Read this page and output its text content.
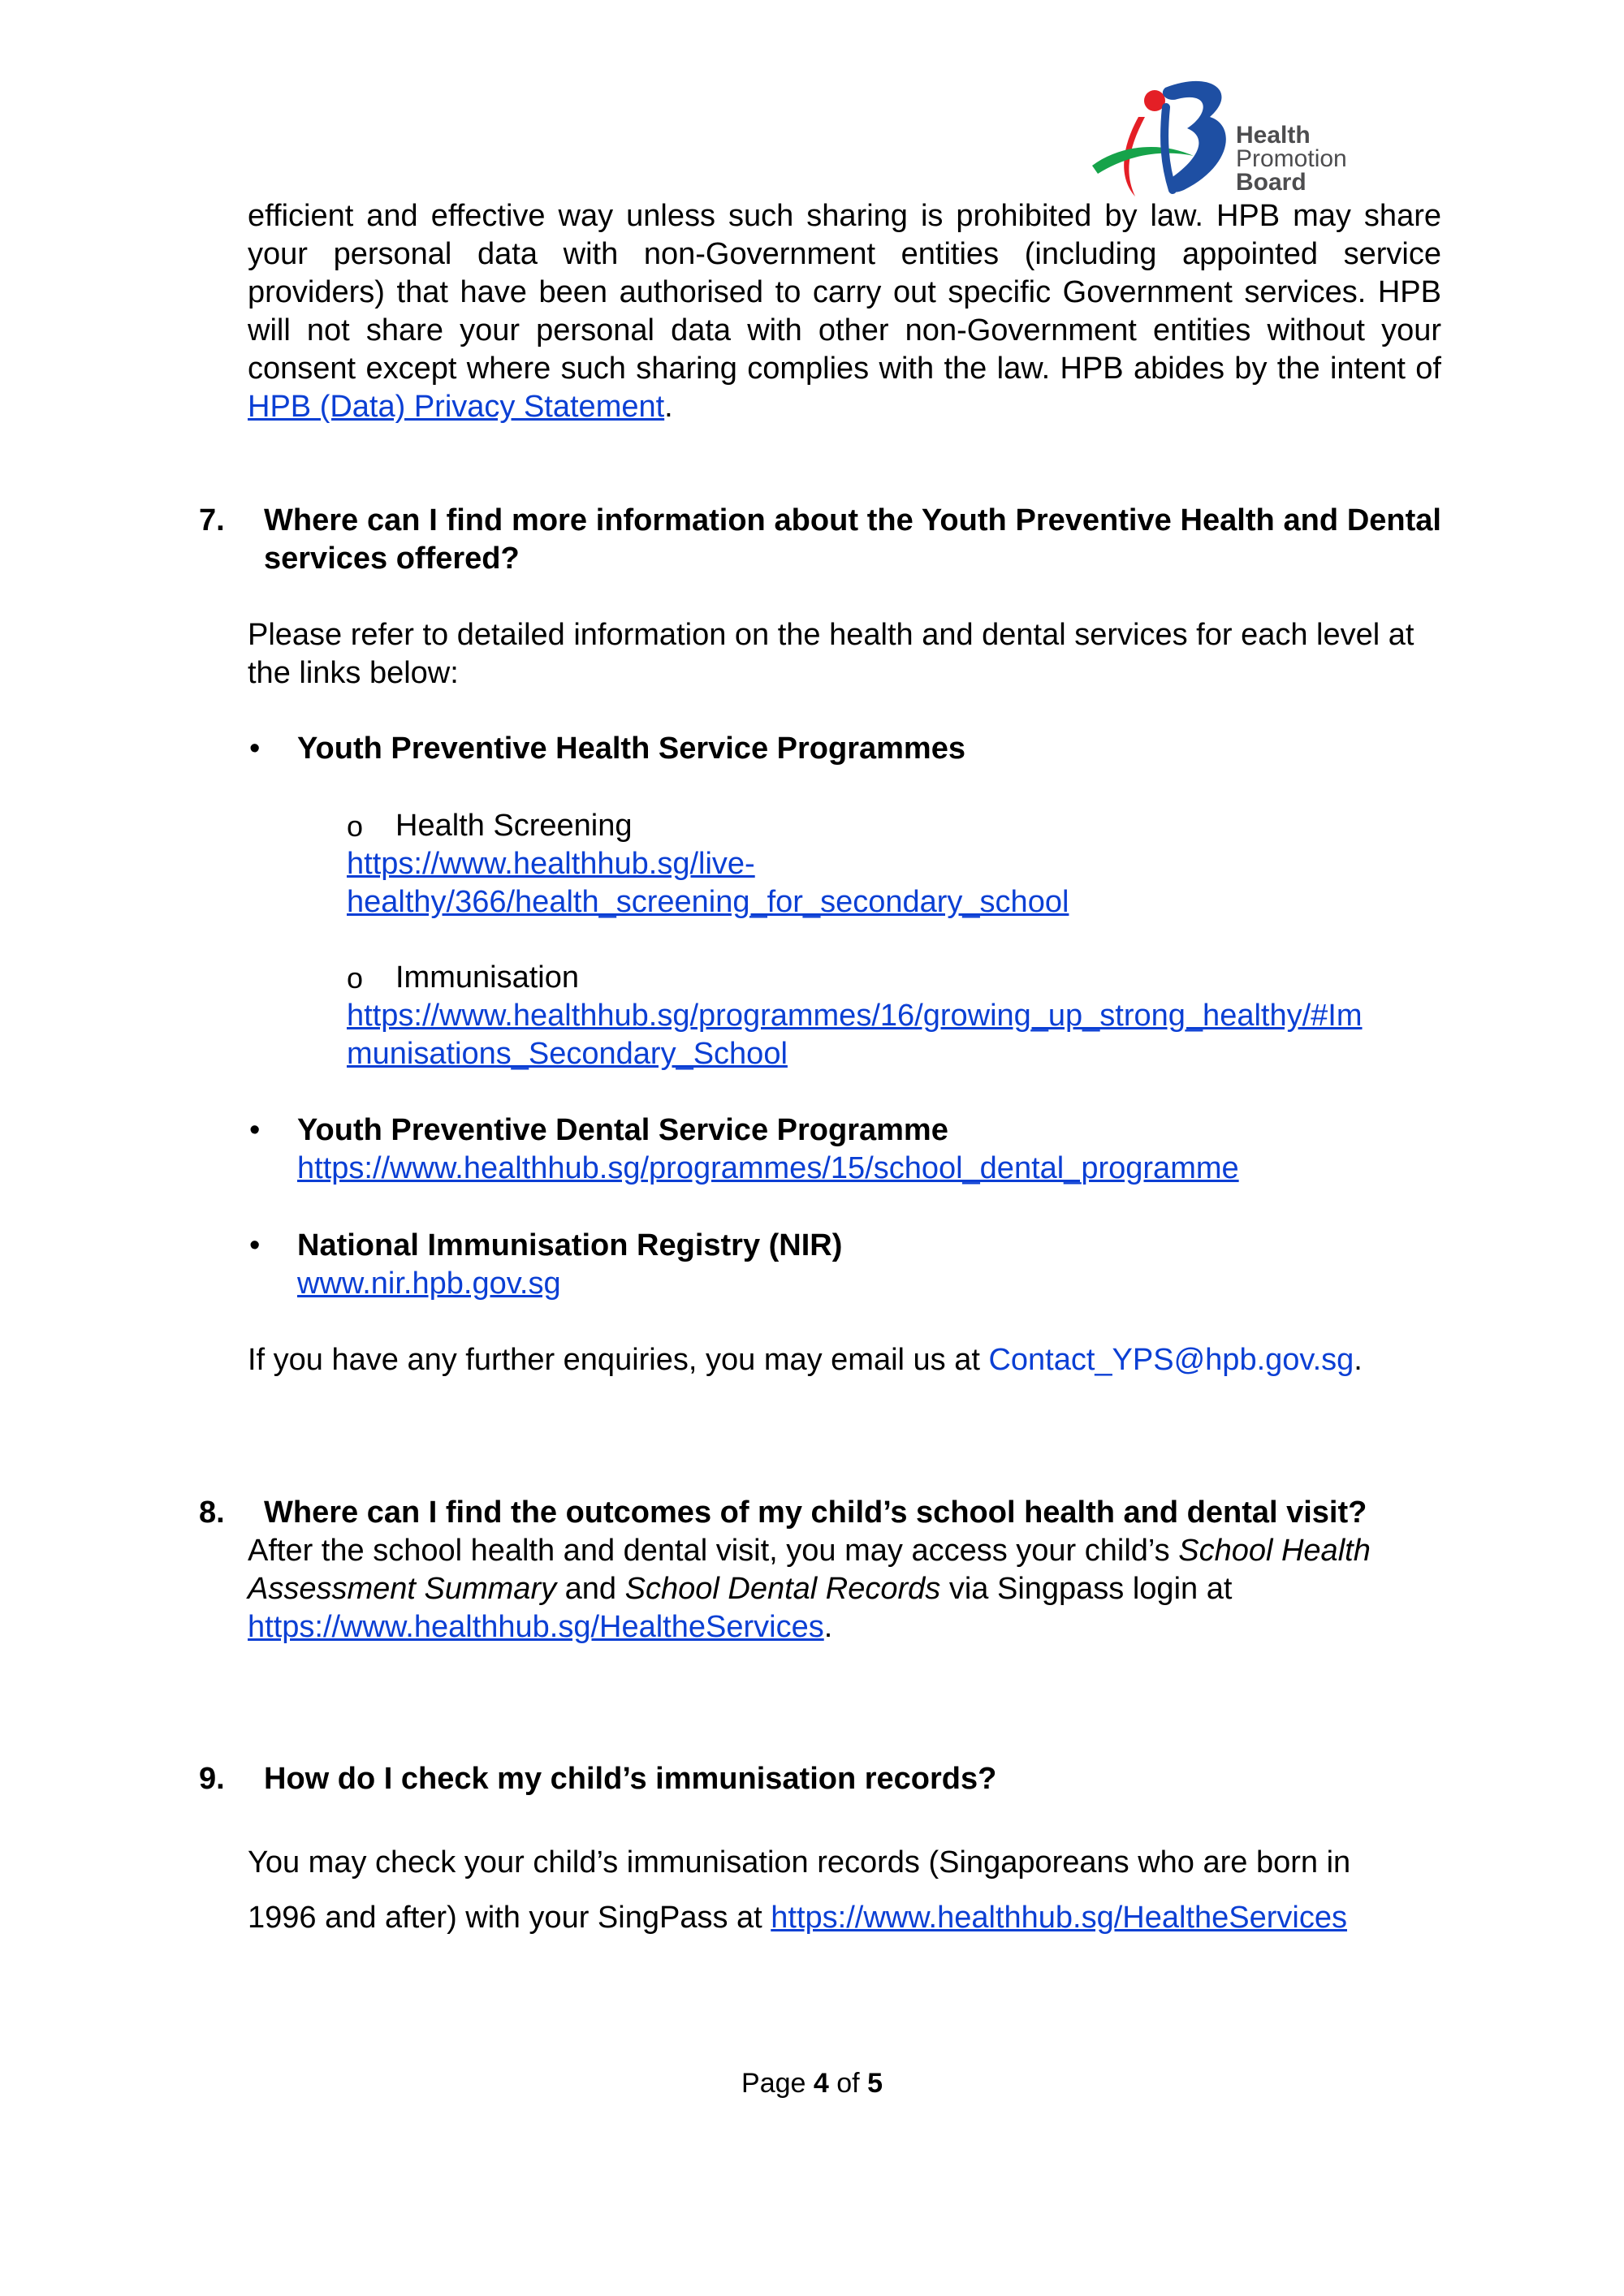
Health
Promotion
Board
efficient and effective way unless such sharing is prohibited by law. HPB may share your personal data with non-Government entities (including appointed service providers) that have been authorised to carry out specific Government services. HPB will not share your personal data with other non-Government entities without your consent except where such sharing complies with the law. HPB abides by the intent of HPB (Data) Privacy Statement.
7. Where can I find more information about the Youth Preventive Health and Dental services offered?
Please refer to detailed information on the health and dental services for each level at the links below:
• Youth Preventive Health Service Programmes
o Health Screening
https://www.healthhub.sg/live-
healthy/366/health_screening_for_secondary_school
o Immunisation
https://www.healthhub.sg/programmes/16/growing_up_strong_healthy/#Im
munisations_Secondary_School
• Youth Preventive Dental Service Programme
https://www.healthhub.sg/programmes/15/school_dental_programme
• National Immunisation Registry (NIR)
www.nir.hpb.gov.sg
If you have any further enquiries, you may email us at Contact_YPS@hpb.gov.sg.
8. Where can I find the outcomes of my child’s school health and dental visit?
After the school health and dental visit, you may access your child’s School Health Assessment Summary and School Dental Records via Singpass login at https://www.healthhub.sg/HealtheServices.
9. How do I check my child’s immunisation records?
You may check your child’s immunisation records (Singaporeans who are born in
1996 and after) with your SingPass at https://www.healthhub.sg/HealtheServices
Page 4 of 5
